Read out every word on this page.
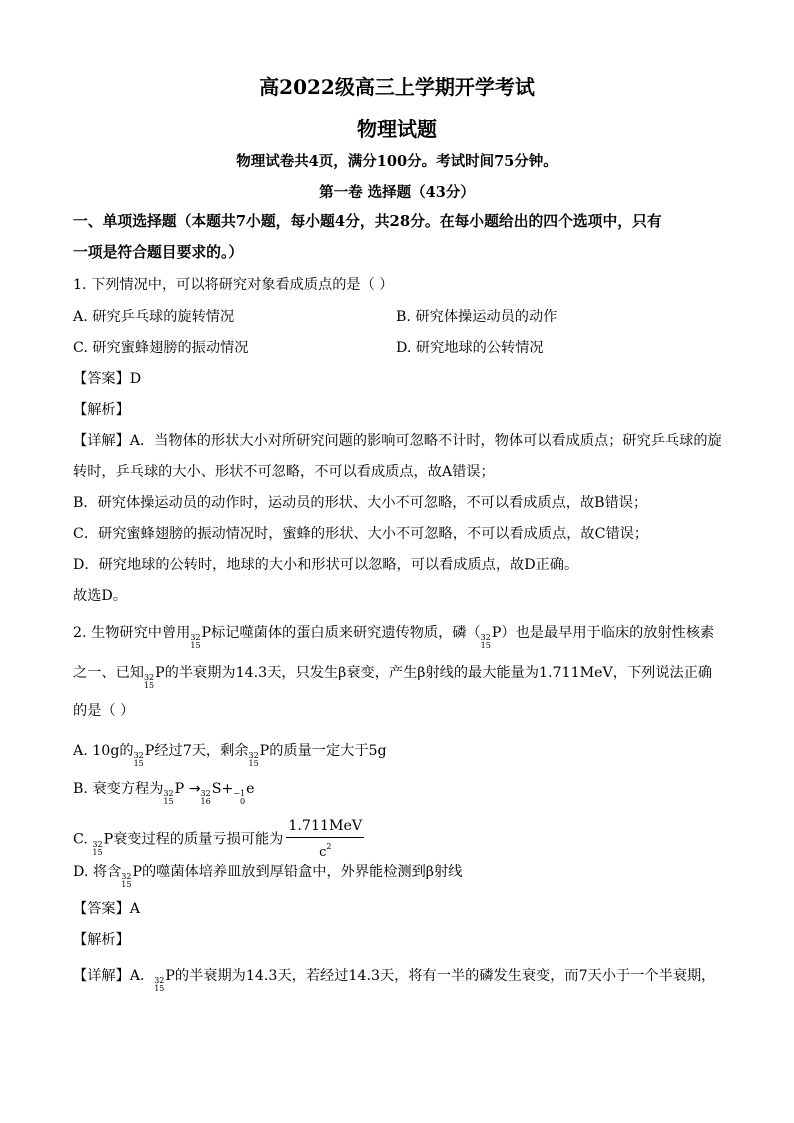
高2022级高三上学期开学考试
物理试题
物理试卷共4页，满分100分。考试时间75分钟。
第一卷 选择题（43分）
一、单项选择题（本题共7小题，每小题4分，共28分。在每小题给出的四个选项中，只有
一项是符合题目要求的。）
1. 下列情况中，可以将研究对象看成质点的是（ ）
A. 研究乒乓球的旋转情况	B. 研究体操运动员的动作
C. 研究蜜蜂翅膀的振动情况	D. 研究地球的公转情况
【答案】D
【解析】
【详解】A．当物体的形状大小对所研究问题的影响可忽略不计时，物体可以看成质点；研究乒乓球的旋
转时，乒乓球的大小、形状不可忽略，不可以看成质点，故A错误；
B．研究体操运动员的动作时，运动员的形状、大小不可忽略，不可以看成质点，故B错误；
C．研究蜜蜂翅膀的振动情况时，蜜蜂的形状、大小不可忽略，不可以看成质点，故C错误；
D．研究地球的公转时，地球的大小和形状可以忽略，可以看成质点，故D正确。
故选D。
2. 生物研究中曾用 32
15
P标记噬菌体的蛋白质来研究遗传物质，磷（ 32
15
P）也是最早用于临床的放射性核素
之一、已知 32
15
P的半衰期为14.3天，只发生β衰变，产生β射线的最大能量为1.711MeV，下列说法正确
的是（ ）
A. 10g的 32
15
P经过7天，剩余 32
15
P的质量一定大于5g
B. 衰变方程为 32
15
P → 32
16
S+ −1
0
e
C. 32
15
P衰变过程的质量亏损可能为 $\frac{\text{1.711MeV}}{c^2}$
D. 将含 32
15
P的噬菌体培养皿放到厚铅盒中，外界能检测到β射线
【答案】A
【解析】
【详解】A． 32
15
P的半衰期为14.3天，若经过14.3天，将有一半的磷发生衰变，而7天小于一个半衰期，
